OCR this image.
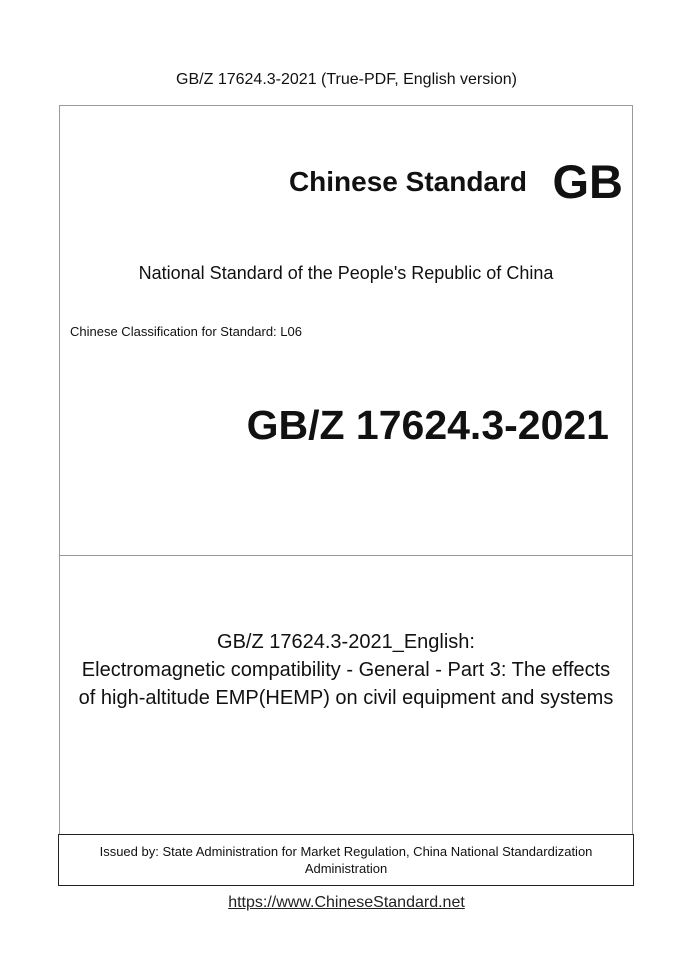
GB/Z 17624.3-2021 (True-PDF, English version)
Chinese Standard GB
National Standard of the People's Republic of China
Chinese Classification for Standard: L06
GB/Z 17624.3-2021
GB/Z 17624.3-2021_English:
Electromagnetic compatibility - General - Part 3: The effects
of high-altitude EMP(HEMP) on civil equipment and systems
Issued by: State Administration for Market Regulation, China National Standardization
Administration
https://www.ChineseStandard.net
